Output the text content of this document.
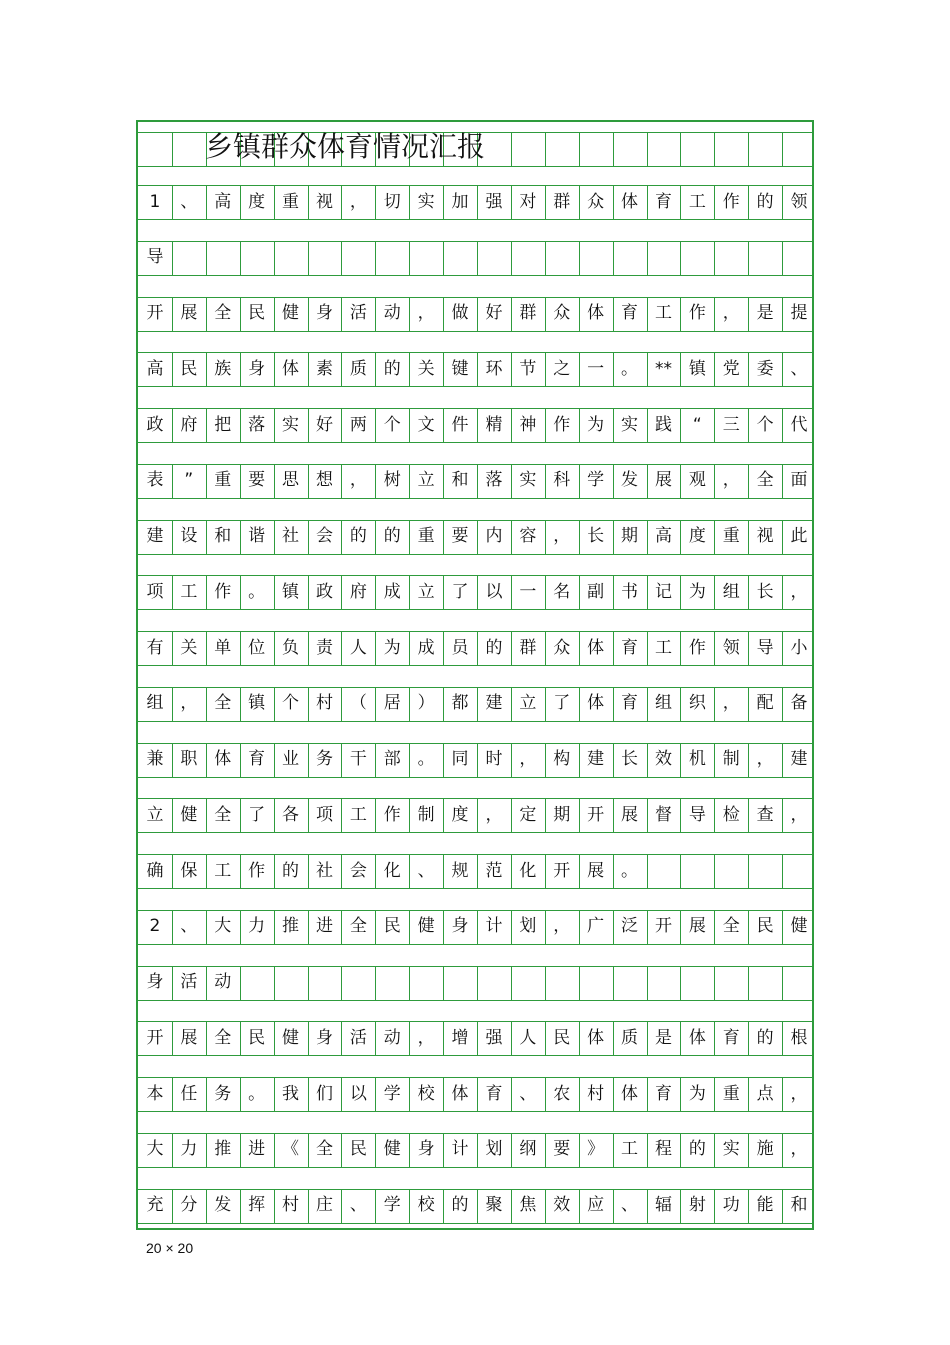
乡镇群众体育情况汇报
20 × 20
1	、 高 度 重 视 ， 切 实 加 强 对 群 众 体 育 工 作 的 领
导
开 展 全 民 健 身 活 动 ， 做 好 群 众 体 育 工 作 ， 是 提
高 民 族 身 体 素 质 的 关 键 环 节 之 一 。 ** 镇 党 委 、
政 府 把 落 实 好 两 个 文 件 精 神 作 为 实 践	“	三 个 代
表	”	重 要 思 想 ， 树 立 和 落 实 科 学 发 展 观 ， 全 面
建 设 和 谐 社 会 的 的 重 要 内 容 ， 长 期 高 度 重 视 此
项 工 作 。 镇 政 府 成 立 了 以 一 名 副 书 记 为 组 长 ，
有 关 单 位 负 责 人 为 成 员 的 群 众 体 育 工 作 领 导 小
组 ， 全 镇 个 村 （ 居 ） 都 建 立 了 体 育 组 织 ， 配 备
兼 职 体 育 业 务 干 部 。 同 时 ， 构 建 长 效 机 制 ， 建
立 健 全 了 各 项 工 作 制 度 ， 定 期 开 展 督 导 检 查 ，
确 保 工 作 的 社 会 化 、 规 范 化 开 展 。
2	、 大 力 推 进 全 民 健 身 计 划 ， 广 泛 开 展 全 民 健
身 活 动
开 展 全 民 健 身 活 动 ， 增 强 人 民 体 质 是 体 育 的 根
本 任 务 。 我 们 以 学 校 体 育 、 农 村 体 育 为 重 点 ，
大 力 推 进 《 全 民 健 身 计 划 纲 要 》 工 程 的 实 施 ，
充 分 发 挥 村 庄 、 学 校 的 聚 焦 效 应 、 辐 射 功 能 和
